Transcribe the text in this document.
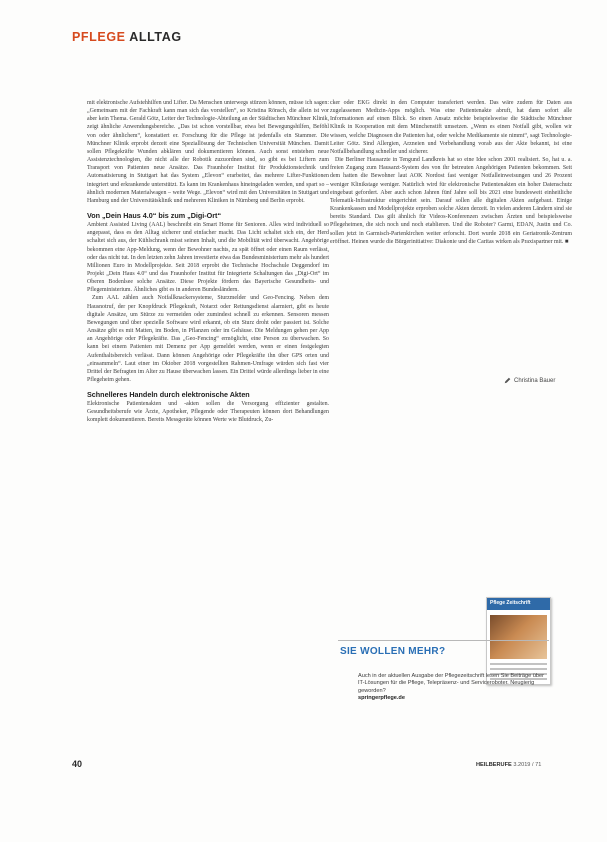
PFLEGE ALLTAG

mit elektronische Aufstehhilfen und Lifter. Da Menschen unterwegs stürzen können, müsse ich sagen: „Gemeinsam mit der Fachkraft kann man sich das vorstellen“, so Kristina Rönsch, die allein ist vor aber kein Thema. Gerald Götz, Leiter der Technologie-Abteilung an der Städtischen Münchner Klinik, zeigt ähnliche Anwendungsbereiche. „Das ist schon vorstellbar, etwa bei Bewegungshilfen, Beföhl von oder ähnlichem“, konstatiert er. Forschung für die Pflege ist jedenfalls ein Stammer. Die Münchner Klinik erprobt derzeit eine Speziallösung der Technischen Universität München. Damit sollen Pflegekräfte Wunden abklären und dokumentieren können. Auch sonst entstehen neue Assistenztechnologien, die nicht alle der Robotik zuzuordnen sind, so gibt es bei Liftern zum Transport von Patienten neue Ansätze. Das Fraunhofer Institut für Produktionstechnik und Automatisierung in Stuttgart hat das System „Elevon“ erarbeitet, das mehrere Lifter-Funktionen integriert und erkrankende unterstützt. Es kann im Krankenhaus hineingeladen werden, und spart so – ähnlich modernen Materialwagen – weite Wege. „Elevon“ wird mit den Universitäten in Stuttgart und Hamburg und der Universitätsklinik und mehreren Kliniken in Nürnberg und Berlin erprobt.

Von „Dein Haus 4.0“ bis zum „Digi-Ort“

Ambient Assisted Living (AAL) beschreibt ein Smart Home für Senioren. Alles wird individuell so angepasst, dass es den Alltag sicherer und einfacher macht. Das Licht schaltet sich ein, der Herd schaltet sich aus, der Kühlschrank misst seinen Inhalt, und die Mobilität wird überwacht. Angehörige bekommen eine App-Meldung, wenn der Bewohner nachts, zu spät öffnet oder einen Raum verlässt, oder das nicht tut. In den letzten zehn Jahren investierte etwa das Bundesministerium mehr als hundert Millionen Euro in Modellprojekte. Seit 2018 erprobt die Technische Hochschule Deggendorf im Projekt „Dein Haus 4.0“ und das Fraunhofer Institut für Integrierte Schaltungen das „Digi-Ort“ im Oberen Bodenlsee solche Ansätze. Diese Projekte fördern das Bayerische Gesundheits- und Pflegeministerium. Ähnliches gibt es in anderen Bundesländern.

Zum AAL zählen auch Notfallknackersysteme, Sturzmelder und Geo-Fencing. Neben dem Hausnotruf, der per Knopfdruck Pflegekraft, Notarzt oder Rettungsdienst alarmiert, gibt es heute digitale Ansätze, um Stürze zu vermeiden oder zumindest schnell zu erkennen. Sensoren messen Bewegungen und über spezielle Software wird erkannt, ob ein Sturz droht oder passiert ist. Solche Ansätze gibt es mit Matten, im Boden, in Pflanzen oder im Gehäuse. Die Meldungen gehen per App an Angehörige oder Pflegekräfte. Das „Geo-Fencing“ ermöglicht, eine Person zu überwachen. So kann bei einem Patienten mit Demenz per App gemeldet werden, wenn er einen festgelegten Aufenthaltsbereich verlässt. Dann können Angehörige oder Pflegekräfte ihn über GPS orten und „einsammeln“. Laut einer im Oktober 2018 vorgestellten Rahmen-Umfrage würden sich fast vier Drittel der Befragten im Alter zu Hause überwachen lassen. Ein Drittel würde allerdings lieber in eine Pflegeheim gehen.

Schnelleres Handeln durch elektronische Akten

Elektronische Patientenakten und -akten sollen die Versorgung effizienter gestalten. Gesundheitsberufe wie Ärzte, Apotheker, Pflegende oder Therapeuten können dort Behandlungen komplett dokumentieren. Bereits Messgeräte können Werte wie Blutdruck, Zu-

cker oder EKG direkt in den Computer transferiert werden. Das wäre zudem für Daten aus zugelassenen Medizin-Apps möglich. Was eine Patientenakte abruft, hat dann sofort alle Informationen auf einen Blick. So einen Ansatz möchte beispielsweise die Städtische Münchner Klinik in Kooperation mit dem Münchenstift umsetzen. „Wenn es einen Notfall gibt, wollen wir wissen, welche Diagnosen die Patienten hat, oder welche Medikamente sie nimmt“, sagt Technologie-Leiter Götz. Sind Allergien, Arzneien und Vorbehandlung vorab aus der Akte bekannt, ist eine Notfallbehandlung schneller und sicherer.

Die Berliner Hausarzte in Tengund Landkreis hat so eine Idee schon 2001 realisiert. So, hat u. a. freien Zugang zum Hausarzt-System des von ihr betreuten Angehörigen Patienten bekommen. Seit dem hatten die Bewohner laut AOK Nordost fast weniger Notfalleinweisungen und 26 Prozent weniger Klinikstage weniger. Natürlich wird für elektronische Patientenakten ein hoher Datenschutz eingebaut gefordert. Aber auch schon Jahren fünf Jahre soll bis 2021 eine bundesweit einheitliche Telematik-Infrastruktur eingerichtet sein. Darauf sollen alle digitalen Akten aufgebaut. Einige Krankenkassen und Modellprojekte erproben solche Akten derzeit. In vielen anderen Ländern sind sie bereits Standard. Das gilt ähnlich für Videos-Konferenzen zwischen Ärzten und beispielsweise Pflegeheimen, die sich noch und noch etablieren. Und die Roboter? Garmi, EDAN, Justin und Co. sollen jetzt in Garmisch-Partenkirchen weiter erforscht. Dort wurde 2018 ein Geriatronik-Zentrum eröffnet. Heinen wurde die Bürgerinitiative: Diakonie und die Caritas wirken als Praxispartner mit. ■

Christina Bauer
Pflege Zeitschrift
SIE WOLLEN MEHR?
Auch in der aktuellen Ausgabe der Pflegezeitschrift lesen Sie Beiträge über IT-Lösungen für die Pflege, Telepräsenz- und Serviceroboter. Neugierig geworden?
springerpflege.de
40	HEILBERUFE 3.2019 / 71
